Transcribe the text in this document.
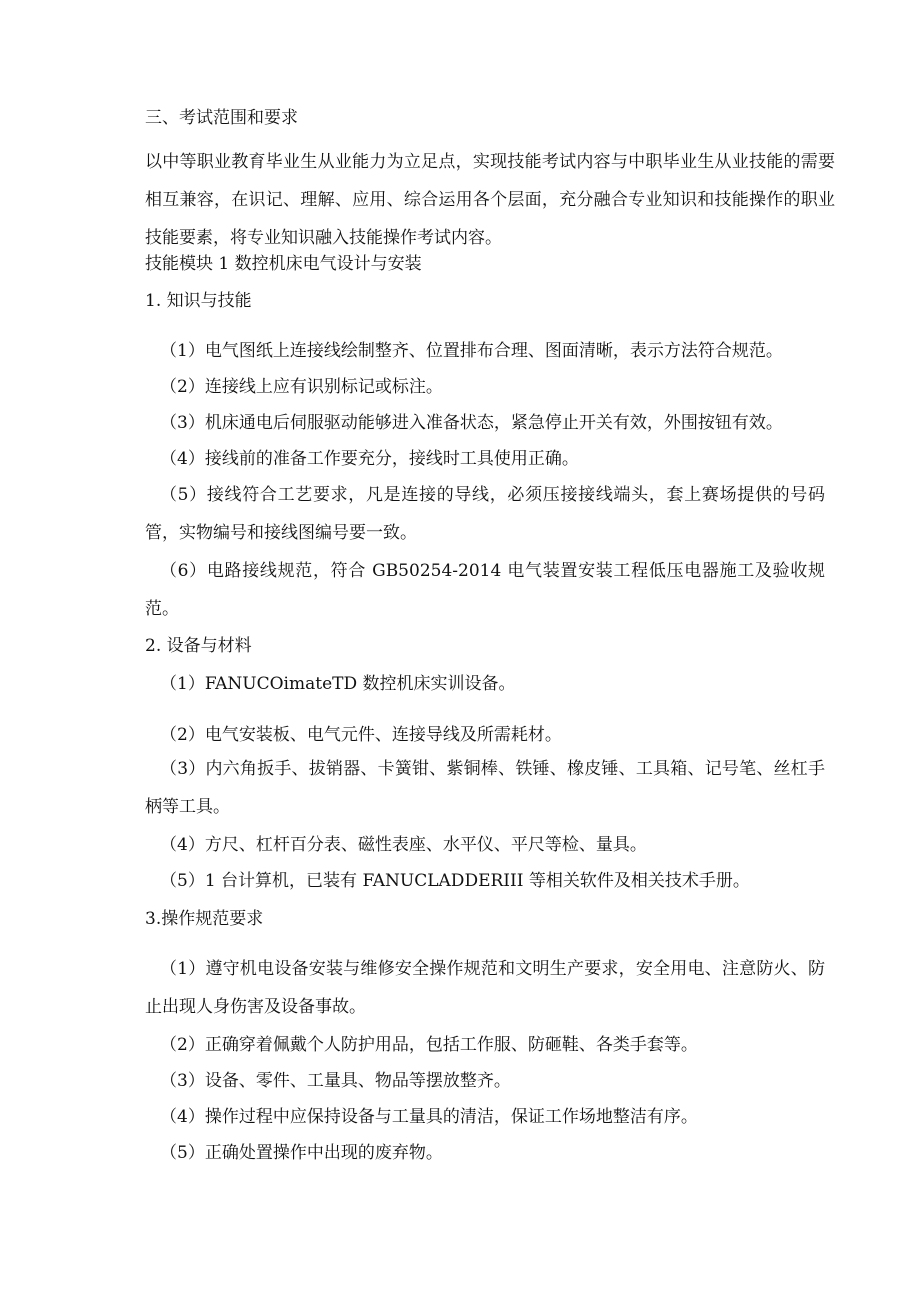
三、考试范围和要求

以中等职业教育毕业生从业能力为立足点，实现技能考试内容与中职毕业生从业技能的需要相互兼容，在识记、理解、应用、综合运用各个层面，充分融合专业知识和技能操作的职业技能要素，将专业知识融入技能操作考试内容。

技能模块 1 数控机床电气设计与安装

1. 知识与技能

（1）电气图纸上连接线绘制整齐、位置排布合理、图面清晰，表示方法符合规范。

（2）连接线上应有识别标记或标注。

（3）机床通电后伺服驱动能够进入准备状态，紧急停止开关有效，外围按钮有效。

（4）接线前的准备工作要充分，接线时工具使用正确。

（5）接线符合工艺要求，凡是连接的导线，必须压接接线端头，套上赛场提供的号码管，实物编号和接线图编号要一致。

（6）电路接线规范，符合 GB50254-2014 电气装置安装工程低压电器施工及验收规范。

2. 设备与材料

（1）FANUCOimateTD 数控机床实训设备。

（2）电气安装板、电气元件、连接导线及所需耗材。

（3）内六角扳手、拔销器、卡簧钳、紫铜棒、铁锤、橡皮锤、工具箱、记号笔、丝杠手柄等工具。

（4）方尺、杠杆百分表、磁性表座、水平仪、平尺等检、量具。

（5）1 台计算机，已装有 FANUCLADDERIII 等相关软件及相关技术手册。

3.操作规范要求

（1）遵守机电设备安装与维修安全操作规范和文明生产要求，安全用电、注意防火、防止出现人身伤害及设备事故。

（2）正确穿着佩戴个人防护用品，包括工作服、防砸鞋、各类手套等。

（3）设备、零件、工量具、物品等摆放整齐。

（4）操作过程中应保持设备与工量具的清洁，保证工作场地整洁有序。

（5）正确处置操作中出现的废弃物。
